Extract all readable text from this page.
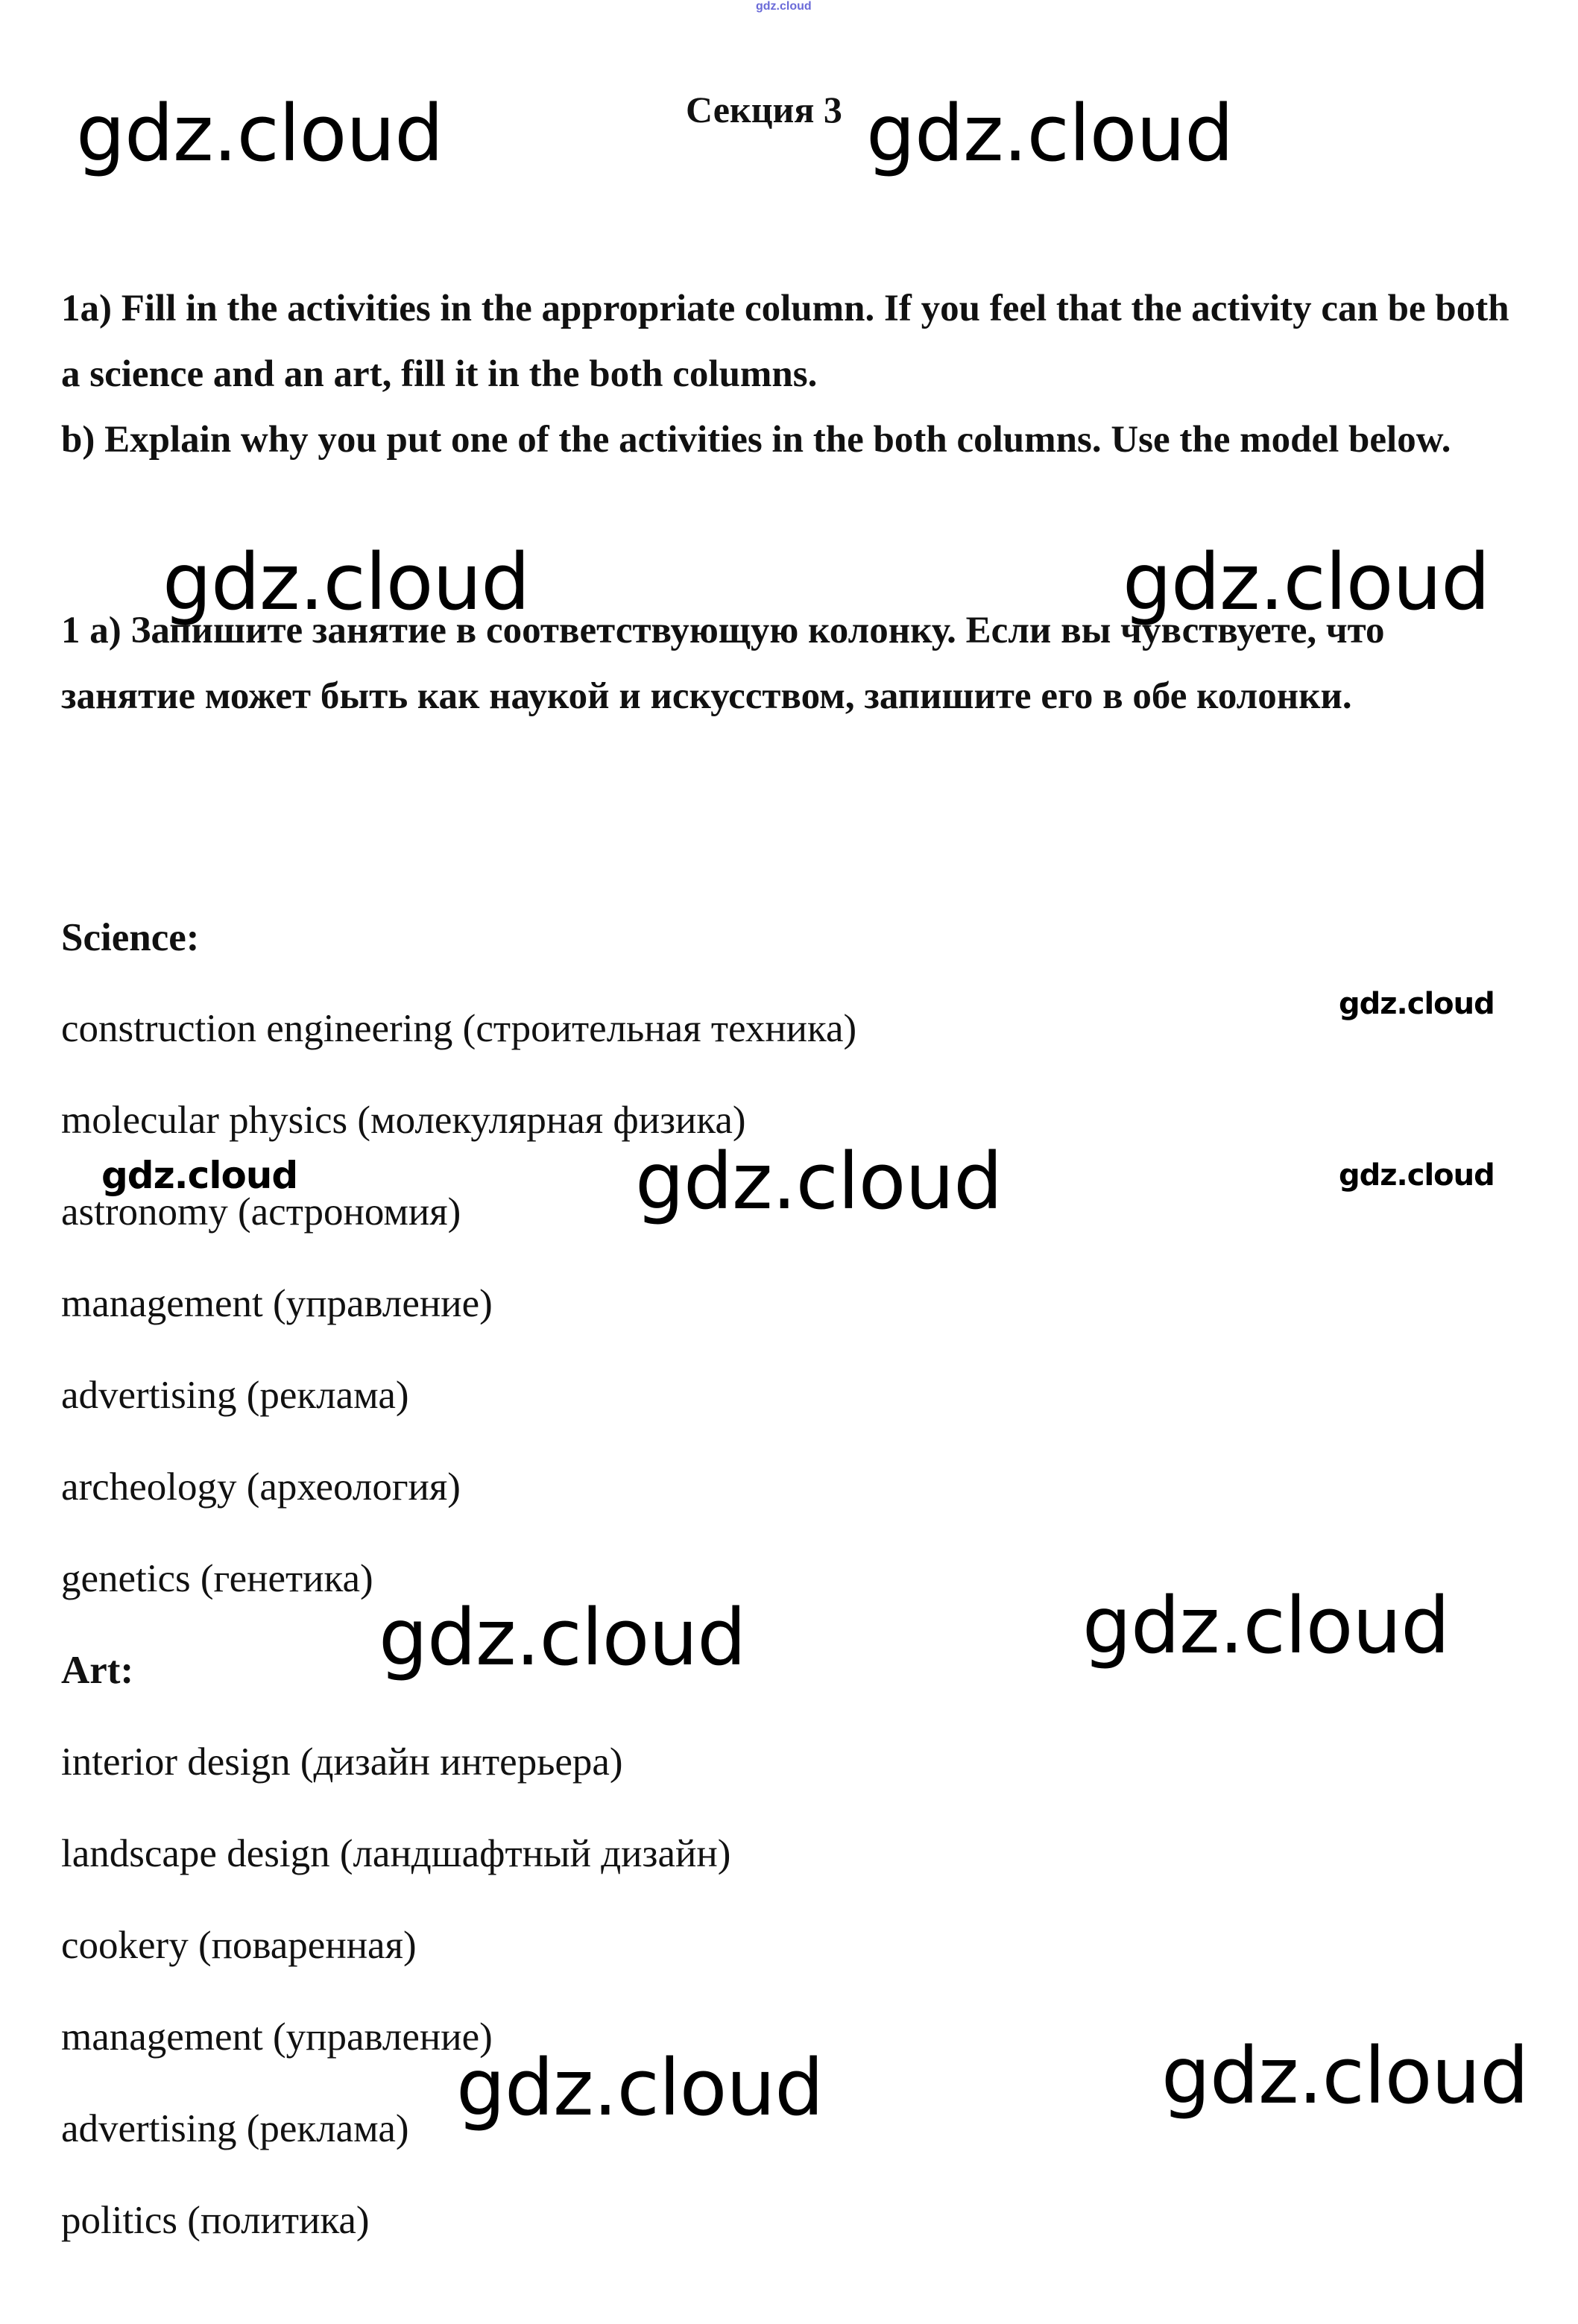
gdz.cloud
Секция 3
1a) Fill in the activities in the appropriate column. If you feel that the activity can be both a science and an art, fill it in the both columns.
b) Explain why you put one of the activities in the both columns. Use the model below.
1 а) Запишите занятие в соответствующую колонку. Если вы чувствуете, что занятие может быть как наукой и искусством, запишите его в обе колонки.
Science:
construction engineering (строительная техника)
molecular physics (молекулярная физика)
astronomy (астрономия)
management (управление)
advertising (реклама)
archeology (археология)
genetics (генетика)
Art:
interior design (дизайн интерьера)
landscape design (ландшафтный дизайн)
cookery (поваренная)
management (управление)
advertising (реклама)
politics (политика)
gdz.cloud	gdz.cloud
gdz.cloud	gdz.cloud
gdz.cloud
gdz.cloud	gdz.cloud	gdz.cloud
gdz.cloud	gdz.cloud
gdz.cloud	gdz.cloud
